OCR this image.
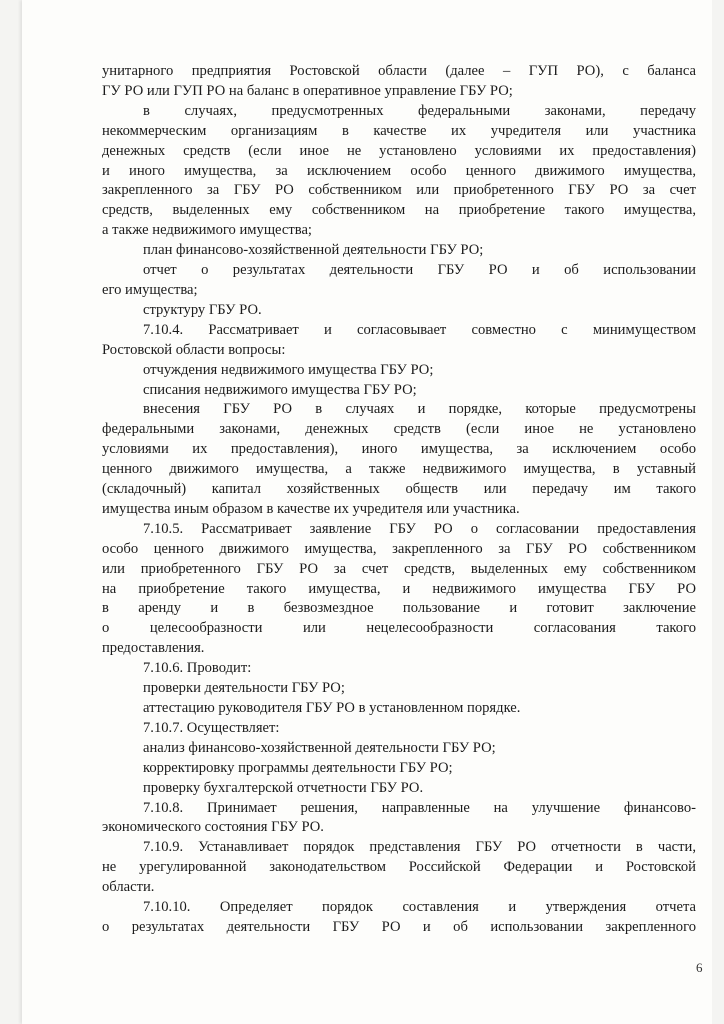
унитарного предприятия Ростовской области (далее – ГУП РО), с баланса

ГУ РО или ГУП РО на баланс в оперативное управление ГБУ РО;

в случаях, предусмотренных федеральными законами, передачу

некоммерческим организациям в качестве их учредителя или участника

денежных средств (если иное не установлено условиями их предоставления)

и иного имущества, за исключением особо ценного движимого имущества,

закрепленного за ГБУ РО собственником или приобретенного ГБУ РО за счет

средств, выделенных ему собственником на приобретение такого имущества,

а также недвижимого имущества;

план финансово-хозяйственной деятельности ГБУ РО;

отчет о результатах деятельности ГБУ РО и об использовании

его имущества;

структуру ГБУ РО.

7.10.4. Рассматривает и согласовывает совместно с минимуществом

Ростовской области вопросы:

отчуждения недвижимого имущества ГБУ РО;

списания недвижимого имущества ГБУ РО;

внесения ГБУ РО в случаях и порядке, которые предусмотрены

федеральными законами, денежных средств (если иное не установлено

условиями их предоставления), иного имущества, за исключением особо

ценного движимого имущества, а также недвижимого имущества, в уставный

(складочный) капитал хозяйственных обществ или передачу им такого

имущества иным образом в качестве их учредителя или участника.

7.10.5. Рассматривает заявление ГБУ РО о согласовании предоставления

особо ценного движимого имущества, закрепленного за ГБУ РО собственником

или приобретенного ГБУ РО за счет средств, выделенных ему собственником

на приобретение такого имущества, и недвижимого имущества ГБУ РО

в аренду и в безвозмездное пользование и готовит заключение

о целесообразности или нецелесообразности согласования такого

предоставления.

7.10.6. Проводит:

проверки деятельности ГБУ РО;

аттестацию руководителя ГБУ РО в установленном порядке.

7.10.7. Осуществляет:

анализ финансово-хозяйственной деятельности ГБУ РО;

корректировку программы деятельности ГБУ РО;

проверку бухгалтерской отчетности ГБУ РО.

7.10.8. Принимает решения, направленные на улучшение финансово-

экономического состояния ГБУ РО.

7.10.9. Устанавливает порядок представления ГБУ РО отчетности в части,

не урегулированной законодательством Российской Федерации и Ростовской

области.

7.10.10. Определяет порядок составления и утверждения отчета

о результатах деятельности ГБУ РО и об использовании закрепленного

6
